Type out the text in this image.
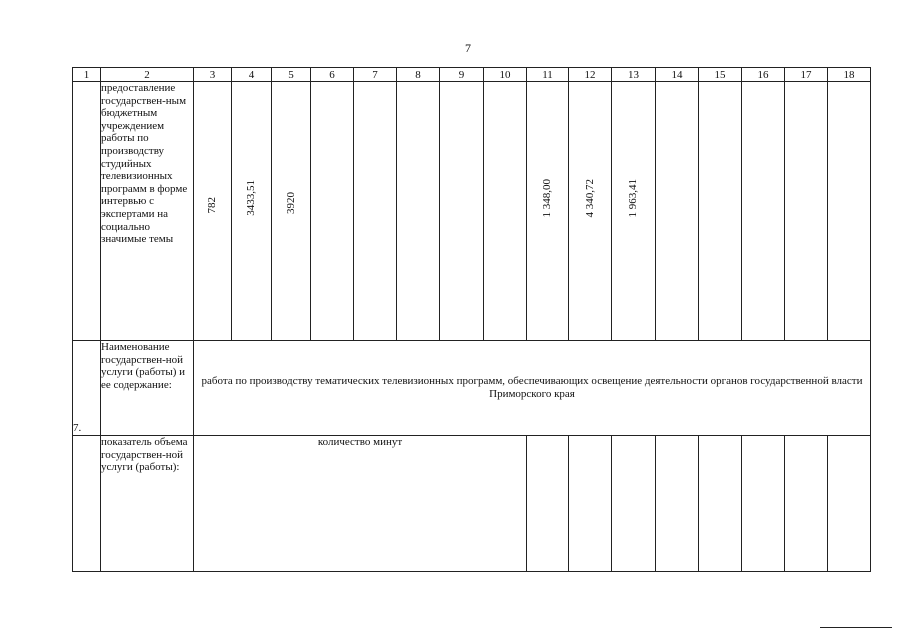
7
1	2	3	4	5	6	7	8	9	10	11	12	13	14	15	16	17	18
	предоставление государствен-ным бюджетным учреждением работы по производству студийных телевизионных программ в форме интервью с экспертами на социально значимые темы	782	3433,51	3920						1 348,00	4 340,72	1 963,41					
7.	Наименование государствен-ной услуги (работы) и ее содержание:	работа по производству тематических телевизионных программ, обеспечивающих освещение деятельности органов государственной власти Приморского края															
	показатель объема государствен-ной услуги (работы):	количество минут															
